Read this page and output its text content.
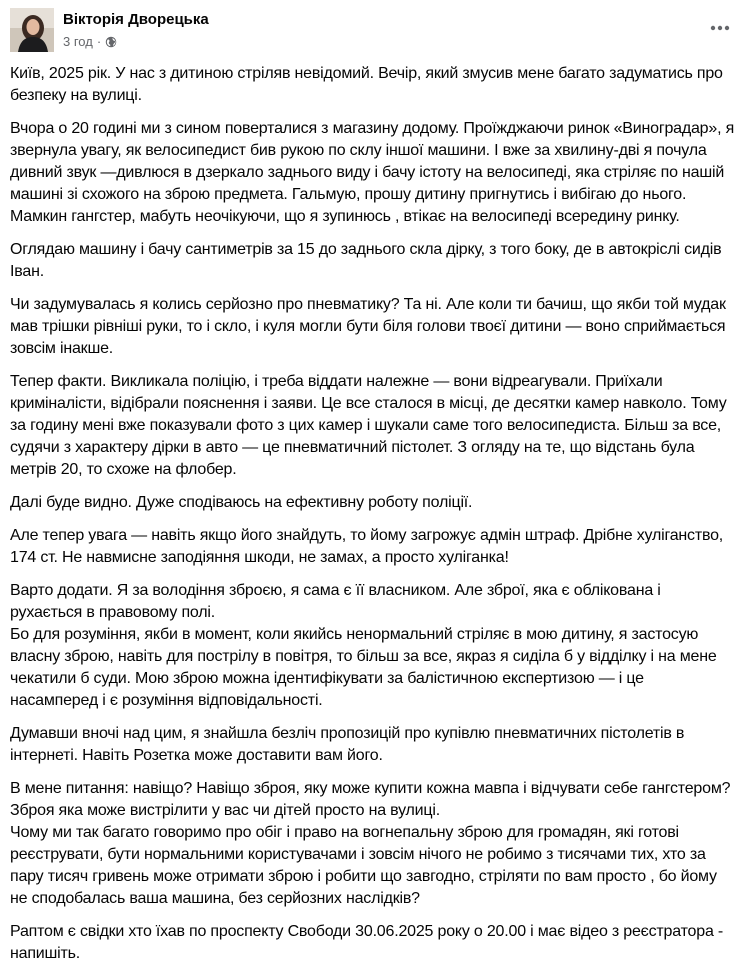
Вікторія Дворецька
3 год ·

Київ, 2025 рік. У нас з дитиною стріляв невідомий. Вечір, який змусив мене багато задуматись про безпеку на вулиці.

Вчора о 20 годині ми з сином поверталися з магазину додому. Проїжджаючи ринок «Виноградар», я звернула увагу, як велосипедист бив рукою по склу іншої машини. І вже за хвилину-дві я почула дивний звук —дивлюся в дзеркало заднього виду і бачу істоту на велосипеді, яка стріляє по нашій машині зі схожого на зброю предмета. Гальмую, прошу дитину пригнутись і вибігаю до нього. Мамкин гангстер, мабуть неочікуючи, що я зупинюсь , втікає на велосипеді всередину ринку.

Оглядаю машину і бачу сантиметрів за 15 до заднього скла дірку, з того боку, де в автокріслі сидів Іван.

Чи задумувалась я колись серйозно про пневматику? Та ні. Але коли ти бачиш, що якби той мудак мав трішки рівніші руки, то і скло, і куля могли бути біля голови твоєї дитини — воно сприймається зовсім інакше.

Тепер факти. Викликала поліцію, і треба віддати належне — вони відреагували. Приїхали криміналісти, відібрали пояснення і заяви. Це все сталося в місці, де десятки камер навколо. Тому за годину мені вже показували фото з цих камер і шукали саме того велосипедиста. Більш за все, судячи з характеру дірки в авто — це пневматичний пістолет. З огляду на те, що відстань була метрів 20, то схоже на флобер.

Далі буде видно. Дуже сподіваюсь на ефективну роботу поліції.

Але тепер увага — навіть якщо його знайдуть, то йому загрожує адмін штраф. Дрібне хуліганство, 174 ст. Не навмисне заподіяння шкоди, не замах, а просто хуліганка!

Варто додати. Я за володіння зброєю, я сама є її власником. Але зброї, яка є облікована і рухається в правовому полі.

Бо для розуміння, якби в момент, коли якийсь ненормальний стріляє в мою дитину, я застосую власну зброю, навіть для пострілу в повітря, то більш за все, якраз я сиділа б у відділку і на мене чекатили б суди. Мою зброю можна ідентифікувати за балістичною експертизою — і це насамперед і є розуміння відповідальності.

Думавши вночі над цим, я знайшла безліч пропозицій про купівлю пневматичних пістолетів в інтернеті. Навіть Розетка може доставити вам його.

В мене питання: навіщо? Навіщо зброя, яку може купити кожна мавпа і відчувати себе гангстером? Зброя яка може вистрілити у вас чи дітей просто на вулиці.

Чому ми так багато говоримо про обіг і право на вогнепальну зброю для громадян, які готові реєструвати, бути нормальними користувачами і зовсім нічого не робимо з тисячами тих, хто за пару тисяч гривень може отримати зброю і робити що завгодно, стріляти по вам просто , бо йому не сподобалась ваша машина, без серйозних наслідків?

Раптом є свідки хто їхав по проспекту Свободи 30.06.2025 року о 20.00 і має відео з реєстратора - напишіть.
